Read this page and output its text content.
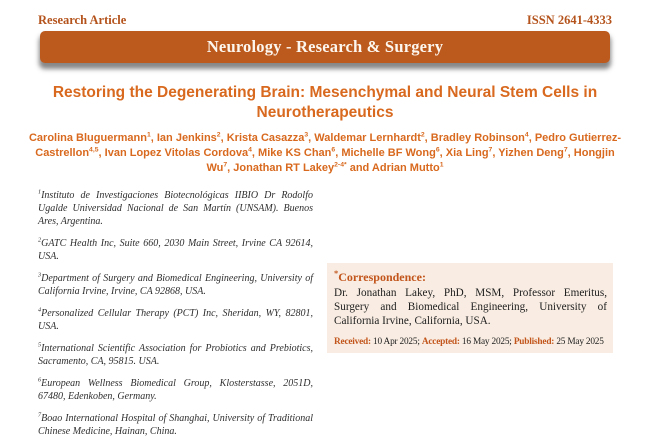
Research Article	ISSN 2641-4333
Neurology - Research & Surgery
Restoring the Degenerating Brain: Mesenchymal and Neural Stem Cells in Neurotherapeutics
Carolina Bluguermann$^1$, Ian Jenkins$^2$, Krista Casazza$^3$, Waldemar Lernhardt$^2$, Bradley Robinson$^4$, Pedro Gutierrez-Castrellon$^{4,5}$, Ivan Lopez Vitolas Cordova$^4$, Mike KS Chan$^6$, Michelle BF Wong$^6$, Xia Ling$^7$, Yizhen Deng$^7$, Hongjin Wu$^7$, Jonathan RT Lakey$^{2-4*}$ and Adrian Mutto$^1$

$^1$Instituto de Investigaciones Biotecnológicas IIBIO Dr Rodolfo Ugalde Universidad Nacional de San Martín (UNSAM). Buenos Ares, Argentina.

$^2$GATC Health Inc, Suite 660, 2030 Main Street, Irvine CA 92614, USA.

$^3$Department of Surgery and Biomedical Engineering, University of California Irvine, Irvine, CA 92868, USA.

$^4$Personalized Cellular Therapy (PCT) Inc, Sheridan, WY, 82801, USA.

$^5$International Scientific Association for Probiotics and Prebiotics, Sacramento, CA, 95815. USA.

$^6$European Wellness Biomedical Group, Klosterstasse, 2051D, 67480, Edenkoben, Germany.

$^7$Boao International Hospital of Shanghai, University of Traditional Chinese Medicine, Hainan, China.

*Correspondence:

Dr. Jonathan Lakey, PhD, MSM, Professor Emeritus, Surgery and Biomedical Engineering, University of California Irvine, California, USA.

Received: 10 Apr 2025; Accepted: 16 May 2025; Published: 25 May 2025
